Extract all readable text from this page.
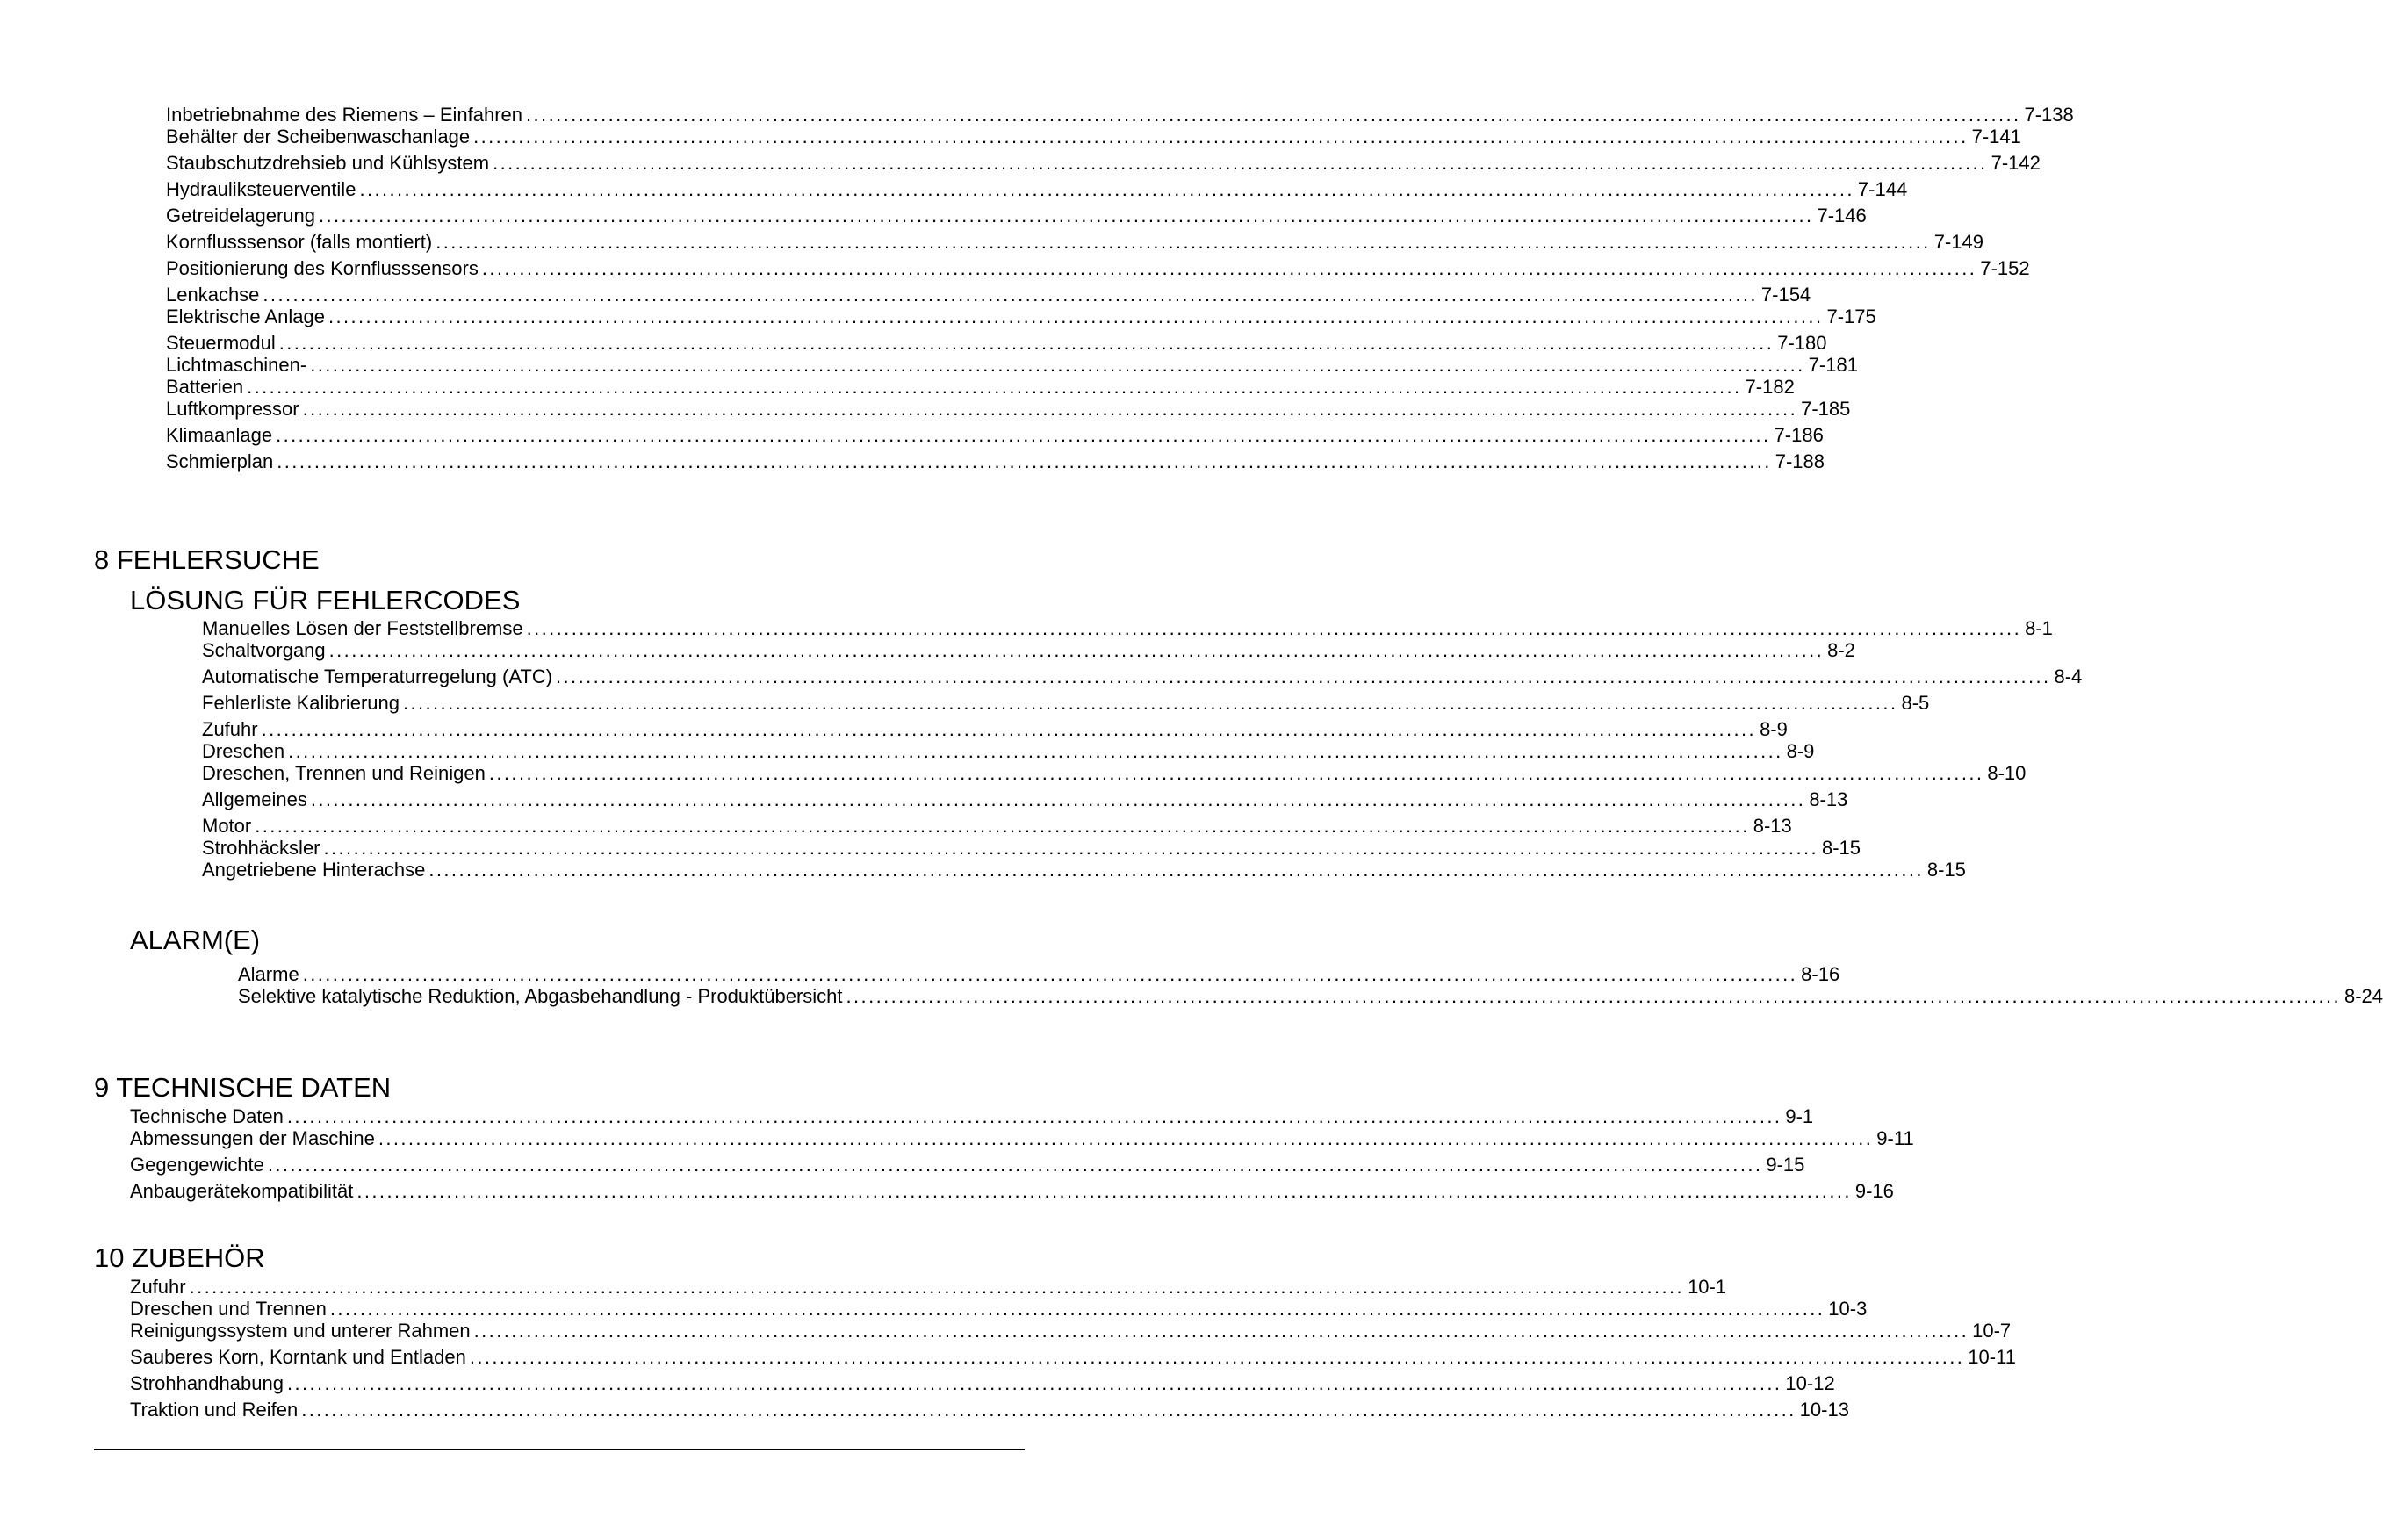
Inbetriebnahme des Riemens – Einfahren ........................................................................................................................................................................................................ 7-138
Behälter der Scheibenwaschanlage ........................................................................................................................................................................................................ 7-141
Staubschutzdrehsieb und Kühlsystem ........................................................................................................................................................................................................ 7-142
Hydrauliksteuerventile ........................................................................................................................................................................................................ 7-144
Getreidelagerung ........................................................................................................................................................................................................ 7-146
Kornflusssensor (falls montiert) ........................................................................................................................................................................................................ 7-149
Positionierung des Kornflusssensors ........................................................................................................................................................................................................ 7-152
Lenkachse ........................................................................................................................................................................................................ 7-154
Elektrische Anlage ........................................................................................................................................................................................................ 7-175
Steuermodul ........................................................................................................................................................................................................ 7-180
Lichtmaschinen- ........................................................................................................................................................................................................ 7-181
Batterien ........................................................................................................................................................................................................ 7-182
Luftkompressor ........................................................................................................................................................................................................ 7-185
Klimaanlage ........................................................................................................................................................................................................ 7-186
Schmierplan ........................................................................................................................................................................................................ 7-188
8 FEHLERSUCHE
LÖSUNG FÜR FEHLERCODES
Manuelles Lösen der Feststellbremse ........................................................................................................................................................................................................ 8-1
Schaltvorgang ........................................................................................................................................................................................................ 8-2
Automatische Temperaturregelung (ATC) ........................................................................................................................................................................................................ 8-4
Fehlerliste Kalibrierung ........................................................................................................................................................................................................ 8-5
Zufuhr ........................................................................................................................................................................................................ 8-9
Dreschen ........................................................................................................................................................................................................ 8-9
Dreschen, Trennen und Reinigen ........................................................................................................................................................................................................ 8-10
Allgemeines ........................................................................................................................................................................................................ 8-13
Motor ........................................................................................................................................................................................................ 8-13
Strohhäcksler ........................................................................................................................................................................................................ 8-15
Angetriebene Hinterachse ........................................................................................................................................................................................................ 8-15
ALARM(E)
Alarme ........................................................................................................................................................................................................ 8-16
Selektive katalytische Reduktion, Abgasbehandlung - Produktübersicht ........................................................................................................................................................................................................ 8-24
9 TECHNISCHE DATEN
Technische Daten ........................................................................................................................................................................................................ 9-1
Abmessungen der Maschine ........................................................................................................................................................................................................ 9-11
Gegengewichte ........................................................................................................................................................................................................ 9-15
Anbaugerätekompatibilität ........................................................................................................................................................................................................ 9-16
10 ZUBEHÖR
Zufuhr ........................................................................................................................................................................................................ 10-1
Dreschen und Trennen ........................................................................................................................................................................................................ 10-3
Reinigungssystem und unterer Rahmen ........................................................................................................................................................................................................ 10-7
Sauberes Korn, Korntank und Entladen ........................................................................................................................................................................................................ 10-11
Strohhandhabung ........................................................................................................................................................................................................ 10-12
Traktion und Reifen ........................................................................................................................................................................................................ 10-13
